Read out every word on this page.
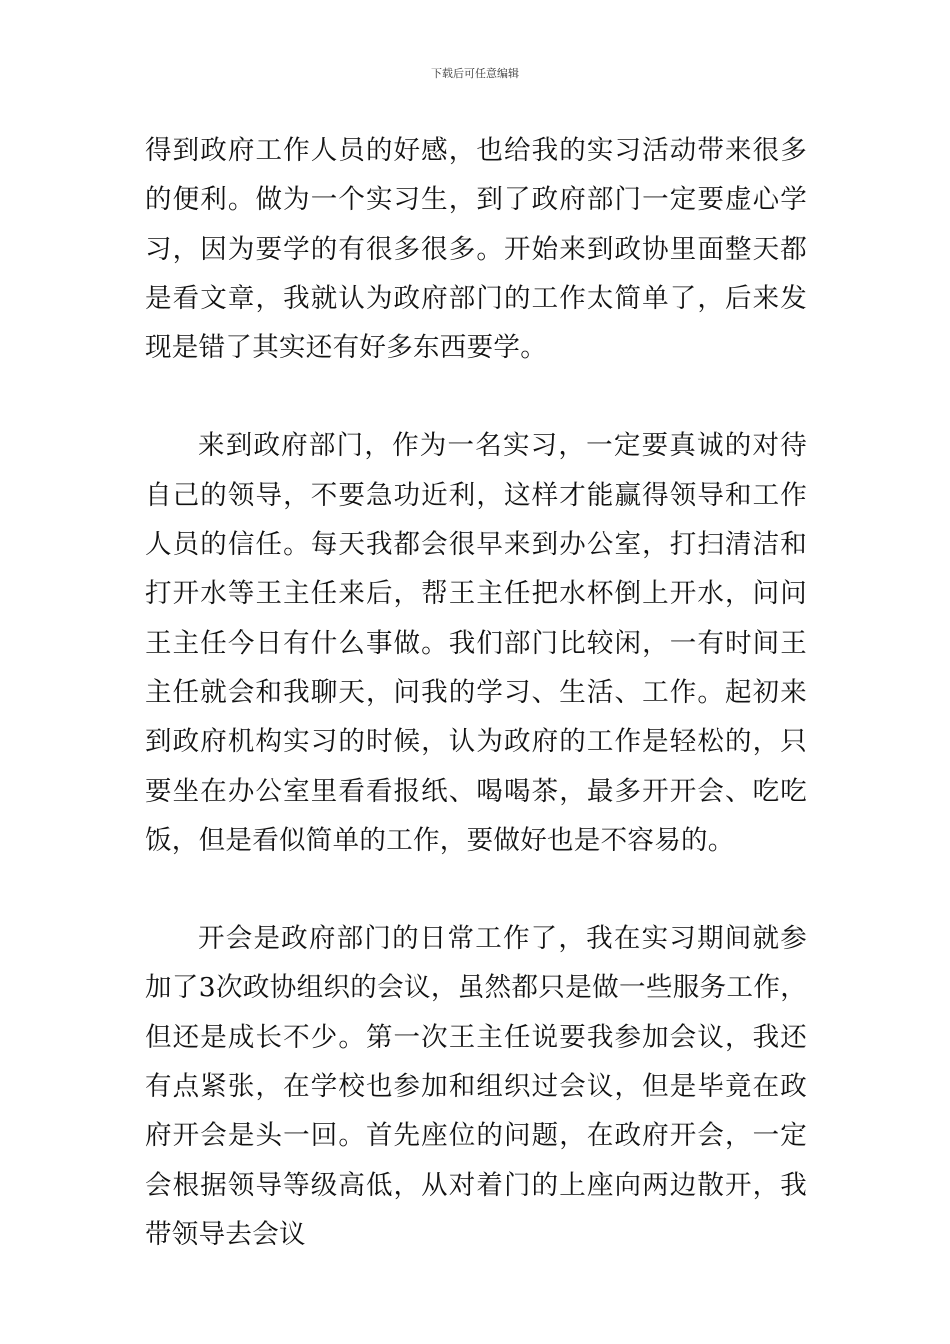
下载后可任意编辑

得到政府工作人员的好感，也给我的实习活动带来很多的便利。做为一个实习生，到了政府部门一定要虚心学习，因为要学的有很多很多。开始来到政协里面整天都是看文章，我就认为政府部门的工作太简单了，后来发现是错了其实还有好多东西要学。

来到政府部门，作为一名实习，一定要真诚的对待自己的领导，不要急功近利，这样才能赢得领导和工作人员的信任。每天我都会很早来到办公室，打扫清洁和打开水等王主任来后，帮王主任把水杯倒上开水，问问王主任今日有什么事做。我们部门比较闲，一有时间王主任就会和我聊天，问我的学习、生活、工作。起初来到政府机构实习的时候，认为政府的工作是轻松的，只要坐在办公室里看看报纸、喝喝茶，最多开开会、吃吃饭，但是看似简单的工作，要做好也是不容易的。

开会是政府部门的日常工作了，我在实习期间就参加了3次政协组织的会议，虽然都只是做一些服务工作，但还是成长不少。第一次王主任说要我参加会议，我还有点紧张，在学校也参加和组织过会议，但是毕竟在政府开会是头一回。首先座位的问题，在政府开会，一定会根据领导等级高低，从对着门的上座向两边散开，我带领导去会议
